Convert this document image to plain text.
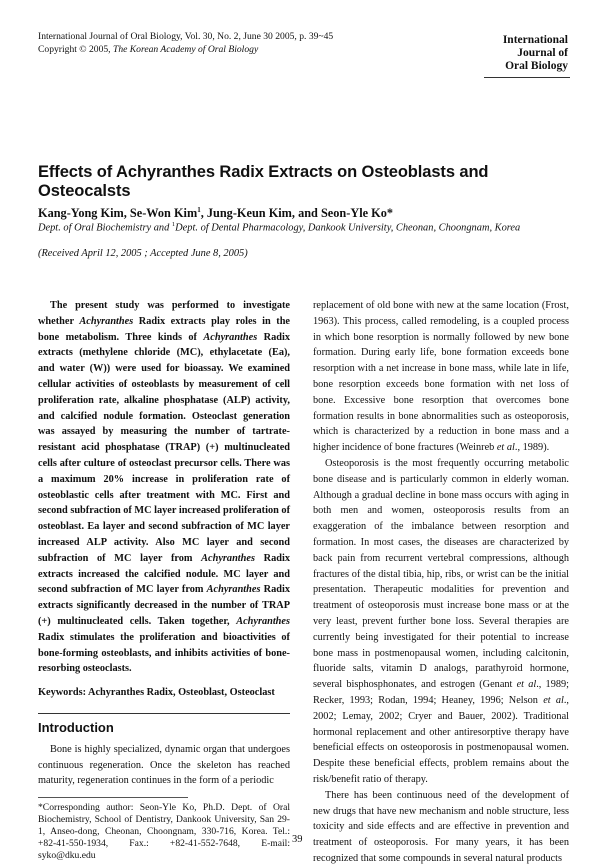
International Journal of Oral Biology, Vol. 30, No. 2, June 30 2005, p. 39~45
Copyright © 2005, The Korean Academy of Oral Biology
International
Journal of
Oral Biology
Effects of Achyranthes Radix Extracts on Osteoblasts and Osteocalsts
Kang-Yong Kim, Se-Won Kim$^1$, Jung-Keun Kim, and Seon-Yle Ko*
Dept. of Oral Biochemistry and $^1$Dept. of Dental Pharmacology, Dankook University, Cheonan, Choongnam, Korea
(Received April 12, 2005 ; Accepted June 8, 2005)

The present study was performed to investigate whether Achyranthes Radix extracts play roles in the bone metabolism. Three kinds of Achyranthes Radix extracts (methylene chloride (MC), ethylacetate (Ea), and water (W)) were used for bioassay. We examined cellular activities of osteoblasts by measurement of cell proliferation rate, alkaline phosphatase (ALP) activity, and calcified nodule formation. Osteoclast generation was assayed by measuring the number of tartrate-resistant acid phosphatase (TRAP) (+) multinucleated cells after culture of osteoclast precursor cells. There was a maximum 20% increase in proliferation rate of osteoblastic cells after treatment with MC. First and second subfraction of MC layer increased proliferation of osteoblast. Ea layer and second subfraction of MC layer increased ALP activity. Also MC layer and second subfraction of MC layer from Achyranthes Radix extracts increased the calcified nodule. MC layer and second subfraction of MC layer from Achyranthes Radix extracts significantly decreased in the number of TRAP (+) multinucleated cells. Taken together, Achyranthes Radix stimulates the proliferation and bioactivities of bone-forming osteoblasts, and inhibits activities of bone-resorbing osteoclasts.

Keywords: Achyranthes Radix, Osteoblast, Osteoclast

Introduction

Bone is highly specialized, dynamic organ that undergoes continuous regeneration. Once the skeleton has reached maturity, regeneration continues in the form of a periodic

*Corresponding author: Seon-Yle Ko, Ph.D. Dept. of Oral Biochemistry, School of Dentistry, Dankook University, San 29-1, Anseo-dong, Cheonan, Choongnam, 330-716, Korea. Tel.: +82-41-550-1934, Fax.: +82-41-552-7648, E-mail: syko@dku.edu

replacement of old bone with new at the same location (Frost, 1963). This process, called remodeling, is a coupled process in which bone resorption is normally followed by new bone formation. During early life, bone formation exceeds bone resorption with a net increase in bone mass, while late in life, bone resorption exceeds bone formation with net loss of bone. Excessive bone resorption that overcomes bone formation results in bone abnormalities such as osteoporosis, which is characterized by a reduction in bone mass and a higher incidence of bone fractures (Weinreb et al., 1989).

Osteoporosis is the most frequently occurring metabolic bone disease and is particularly common in elderly woman. Although a gradual decline in bone mass occurs with aging in both men and women, osteoporosis results from an exaggeration of the imbalance between resorption and formation. In most cases, the diseases are characterized by back pain from recurrent vertebral compressions, although fractures of the distal tibia, hip, ribs, or wrist can be the initial presentation. Therapeutic modalities for prevention and treatment of osteoporosis must increase bone mass or at the very least, prevent further bone loss. Several therapies are currently being investigated for their potential to increase bone mass in postmenopausal women, including calcitonin, fluoride salts, vitamin D analogs, parathyroid hormone, several bisphosphonates, and estrogen (Genant et al., 1989; Recker, 1993; Rodan, 1994; Heaney, 1996; Nelson et al., 2002; Lemay, 2002; Cryer and Bauer, 2002). Traditional hormonal replacement and other antiresorptive therapy have beneficial effects on osteoporosis in postmenopausal women. Despite these beneficial effects, problem remains about the risk/benefit ratio of therapy.

There has been continuous need of the development of new drugs that have new mechanism and noble structure, less toxicity and side effects and are effective in prevention and treatment of osteoporosis. For many years, it has been recognized that some compounds in several natural products

39
